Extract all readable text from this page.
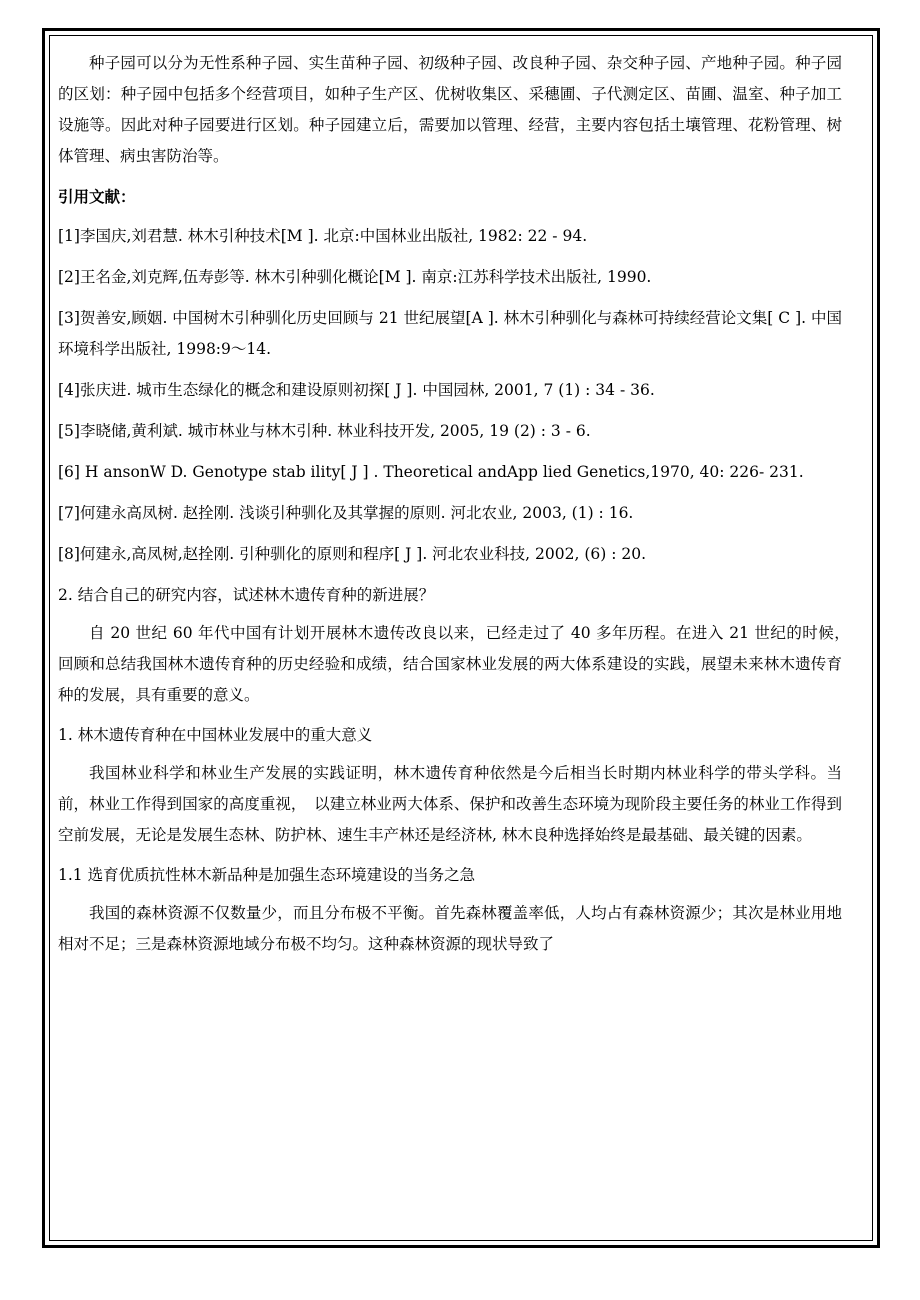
种子园可以分为无性系种子园、实生苗种子园、初级种子园、改良种子园、杂交种子园、产地种子园。种子园的区划：种子园中包括多个经营项目，如种子生产区、优树收集区、采穗圃、子代测定区、苗圃、温室、种子加工设施等。因此对种子园要进行区划。种子园建立后，需要加以管理、经营，主要内容包括土壤管理、花粉管理、树体管理、病虫害防治等。

引用文献：

[1]李国庆,刘君慧. 林木引种技术[M ]. 北京:中国林业出版社, 1982: 22 - 94.

[2]王名金,刘克辉,伍寿彭等. 林木引种驯化概论[M ]. 南京:江苏科学技术出版社, 1990.

[3]贺善安,顾姻. 中国树木引种驯化历史回顾与 21 世纪展望[A ]. 林木引种驯化与森林可持续经营论文集[ C ]. 中国环境科学出版社, 1998:9～14.

[4]张庆进. 城市生态绿化的概念和建设原则初探[ J ]. 中国园林, 2001, 7 (1) : 34 - 36.

[5]李晓储,黄利斌. 城市林业与林木引种. 林业科技开发, 2005, 19 (2) : 3 - 6.

[6] H ansonW D. Genotype stab ility[ J ] . Theoretical andApp lied Genetics,1970, 40: 226- 231.

[7]何建永高凤树. 赵拴刚. 浅谈引种驯化及其掌握的原则. 河北农业, 2003, (1) : 16.

[8]何建永,高凤树,赵拴刚. 引种驯化的原则和程序[ J ]. 河北农业科技, 2002, (6) : 20.

2. 结合自己的研究内容，试述林木遗传育种的新进展？

自 20 世纪 60 年代中国有计划开展林木遗传改良以来，已经走过了 40 多年历程。在进入 21 世纪的时候，　回顾和总结我国林木遗传育种的历史经验和成绩，结合国家林业发展的两大体系建设的实践，展望未来林木遗传育种的发展，具有重要的意义。

1. 林木遗传育种在中国林业发展中的重大意义

我国林业科学和林业生产发展的实践证明，林木遗传育种依然是今后相当长时期内林业科学的带头学科。当前，林业工作得到国家的高度重视，　以建立林业两大体系、保护和改善生态环境为现阶段主要任务的林业工作得到空前发展，无论是发展生态林、防护林、速生丰产林还是经济林, 林木良种选择始终是最基础、最关键的因素。

1.1 选育优质抗性林木新品种是加强生态环境建设的当务之急

我国的森林资源不仅数量少，而且分布极不平衡。首先森林覆盖率低，人均占有森林资源少；其次是林业用地相对不足；三是森林资源地域分布极不均匀。这种森林资源的现状导致了
